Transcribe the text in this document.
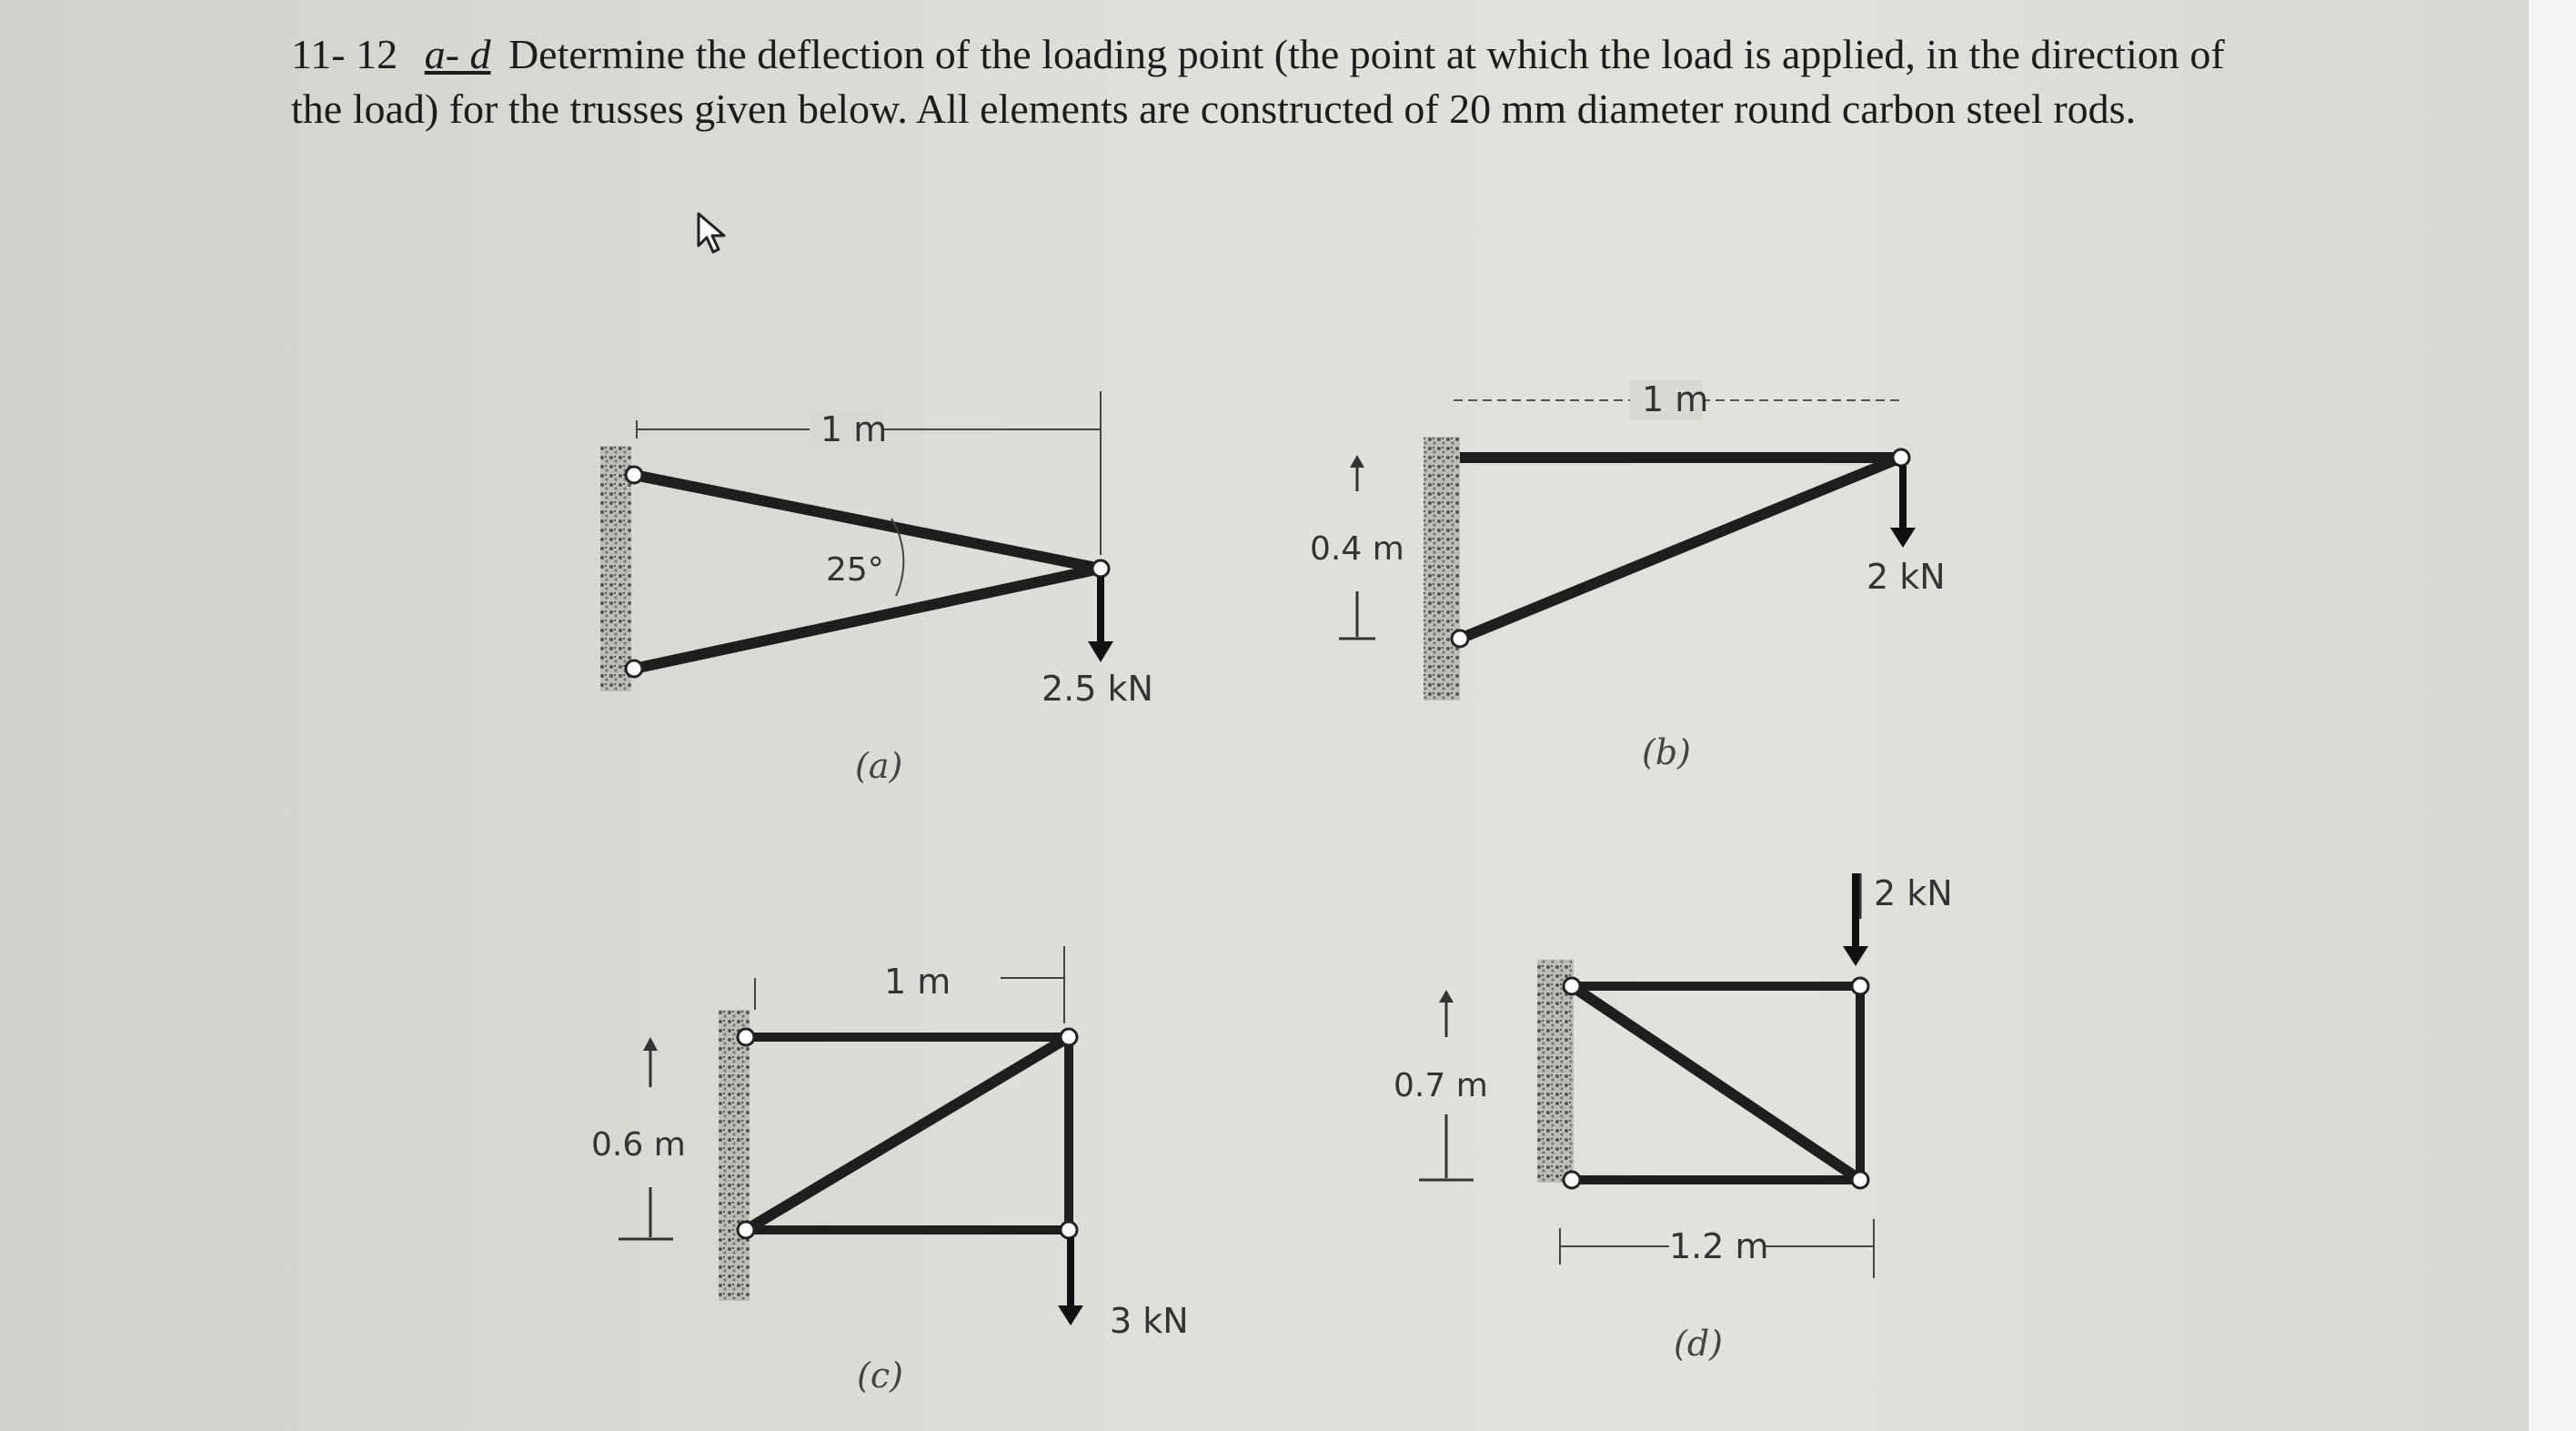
11- 12 a- d Determine the deflection of the loading point (the point at which the load is applied, in the direction of the load) for the trusses given below. All elements are constructed of 20 mm diameter round carbon steel rods.
1 m
25°
2.5 kN
(a)
1 m
0.4 m
2 kN
(b)
1 m
0.6 m
3 kN
(c)
2 kN
0.7 m
1.2 m
(d)
